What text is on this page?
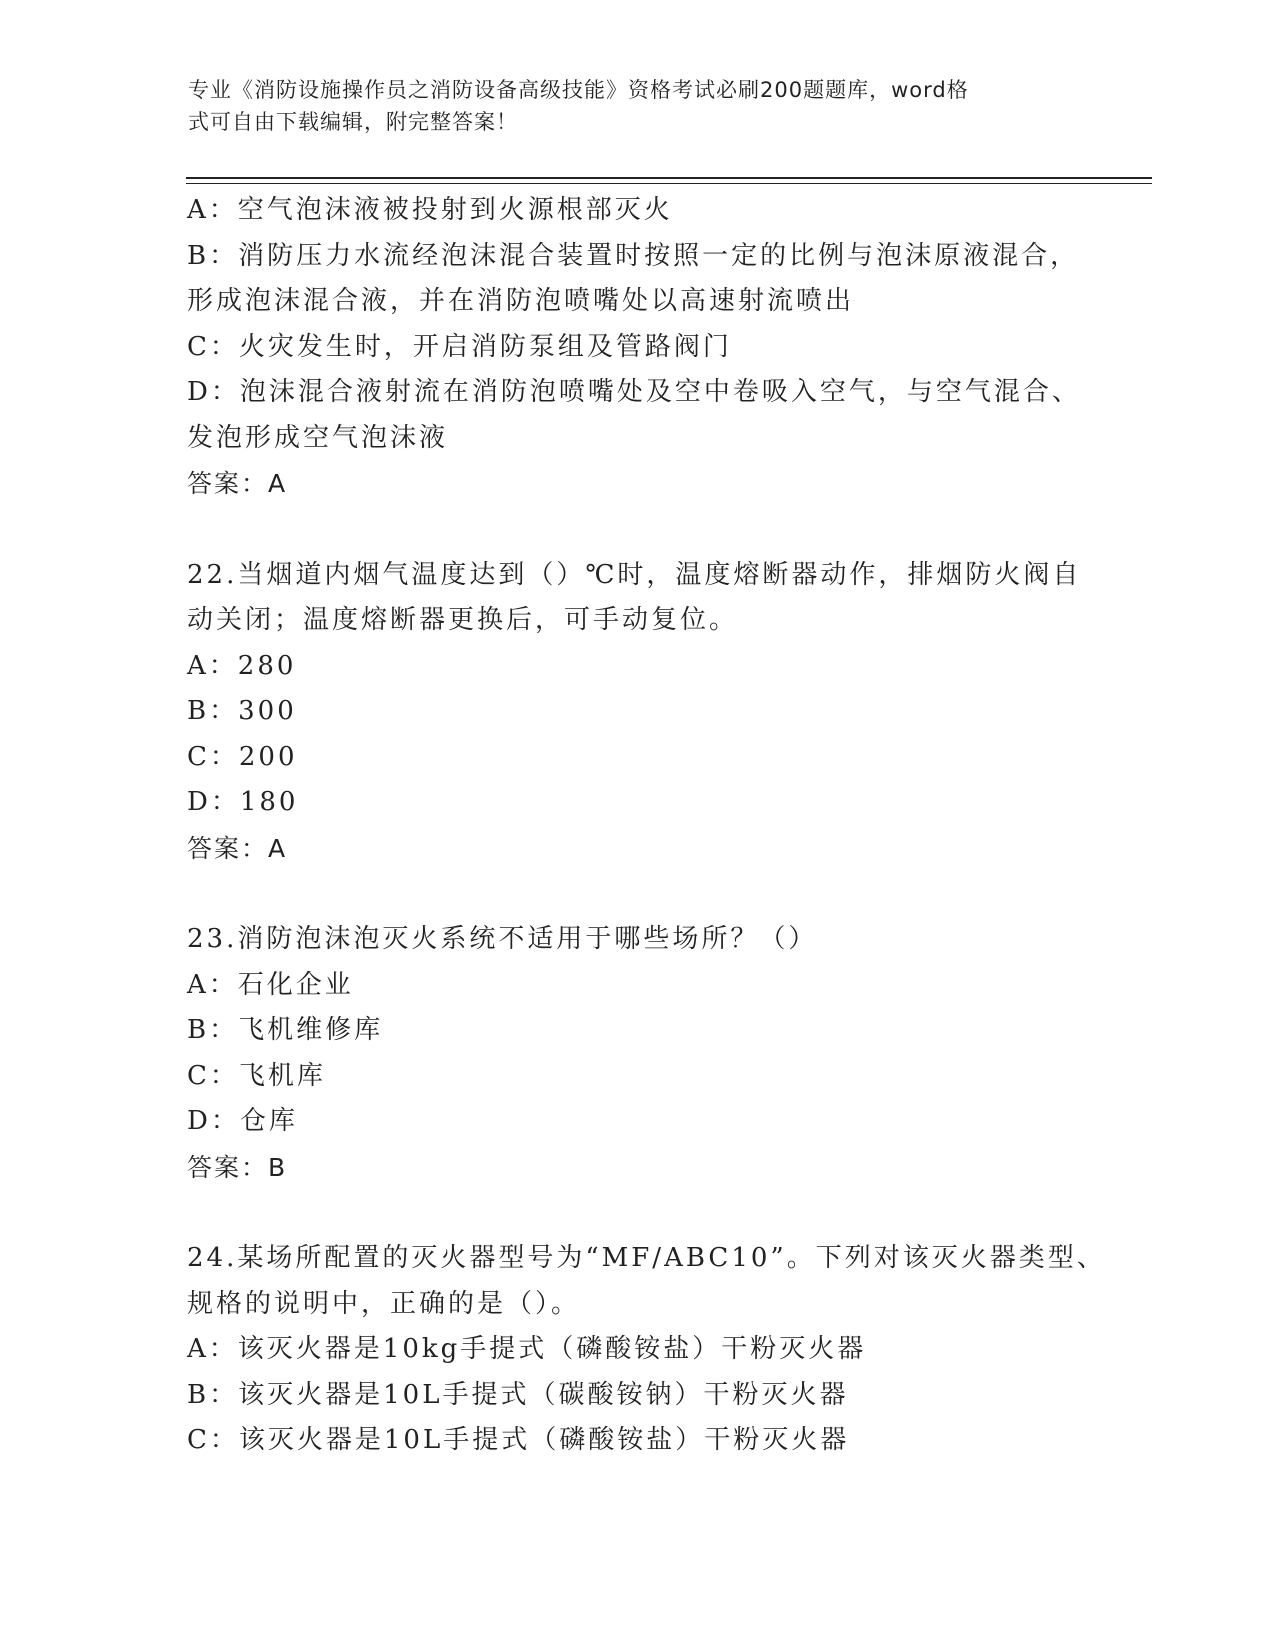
专业《消防设施操作员之消防设备高级技能》资格考试必刷200题题库，word格
式可自由下载编辑，附完整答案！
A：空气泡沫液被投射到火源根部灭火
B：消防压力水流经泡沫混合装置时按照一定的比例与泡沫原液混合，
形成泡沫混合液，并在消防泡喷嘴处以高速射流喷出
C：火灾发生时，开启消防泵组及管路阀门
D：泡沫混合液射流在消防泡喷嘴处及空中卷吸入空气，与空气混合、
发泡形成空气泡沫液
答案：A
22.当烟道内烟气温度达到（）℃时，温度熔断器动作，排烟防火阀自
动关闭；温度熔断器更换后，可手动复位。
A：280
B：300
C：200
D：180
答案：A
23.消防泡沫泡灭火系统不适用于哪些场所？（）
A：石化企业
B：飞机维修库
C：飞机库
D：仓库
答案：B
24.某场所配置的灭火器型号为“MF/ABC10”。下列对该灭火器类型、
规格的说明中，正确的是（）。
A：该灭火器是10kg手提式（磷酸铵盐）干粉灭火器
B：该灭火器是10L手提式（碳酸铵钠）干粉灭火器
C：该灭火器是10L手提式（磷酸铵盐）干粉灭火器
